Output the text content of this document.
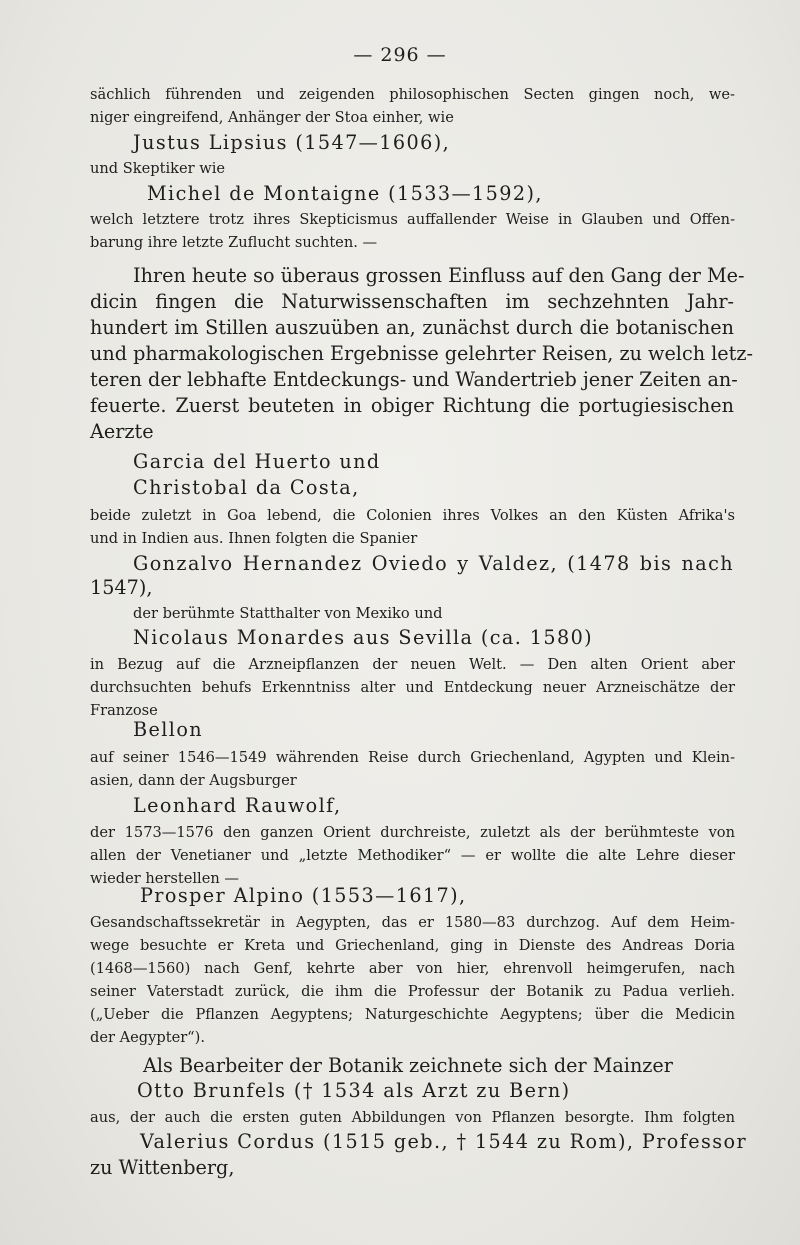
— 296 —
sächlich führenden und zeigenden philosophischen Secten gingen noch, we-
niger eingreifend, Anhänger der Stoa einher, wie
Justus Lipsius (1547—1606),
und Skeptiker wie
Michel de Montaigne (1533—1592),
welch letztere trotz ihres Skepticismus auffallender Weise in Glauben und Offen-
barung ihre letzte Zuflucht suchten. —
Ihren heute so überaus grossen Einfluss auf den Gang der Me-
dicin fingen die Naturwissenschaften im sechzehnten Jahr-
hundert im Stillen auszuüben an, zunächst durch die botanischen
und pharmakologischen Ergebnisse gelehrter Reisen, zu welch letz-
teren der lebhafte Entdeckungs- und Wandertrieb jener Zeiten an-
feuerte. Zuerst beuteten in obiger Richtung die portugiesischen
Aerzte
Garcia del Huerto und
Christobal da Costa,
beide zuletzt in Goa lebend, die Colonien ihres Volkes an den Küsten Afrika's
und in Indien aus. Ihnen folgten die Spanier
Gonzalvo Hernandez Oviedo y Valdez, (1478 bis nach
1547),
der berühmte Statthalter von Mexiko und
Nicolaus Monardes aus Sevilla (ca. 1580)
in Bezug auf die Arzneipflanzen der neuen Welt. — Den alten Orient aber
durchsuchten behufs Erkenntniss alter und Entdeckung neuer Arzneischätze der
Franzose
Bellon
auf seiner 1546—1549 währenden Reise durch Griechenland, Agypten und Klein-
asien, dann der Augsburger
Leonhard Rauwolf,
der 1573—1576 den ganzen Orient durchreiste, zuletzt als der berühmteste von
allen der Venetianer und „letzte Methodiker“ — er wollte die alte Lehre dieser
wieder herstellen —
Prosper Alpino (1553—1617),
Gesandschaftssekretär in Aegypten, das er 1580—83 durchzog. Auf dem Heim-
wege besuchte er Kreta und Griechenland, ging in Dienste des Andreas Doria
(1468—1560) nach Genf, kehrte aber von hier, ehrenvoll heimgerufen, nach
seiner Vaterstadt zurück, die ihm die Professur der Botanik zu Padua verlieh.
(„Ueber die Pflanzen Aegyptens; Naturgeschichte Aegyptens; über die Medicin
der Aegypter“).
Als Bearbeiter der Botanik zeichnete sich der Mainzer
Otto Brunfels († 1534 als Arzt zu Bern)
aus, der auch die ersten guten Abbildungen von Pflanzen besorgte. Ihm folgten
Valerius Cordus (1515 geb., † 1544 zu Rom), Professor
zu Wittenberg,
